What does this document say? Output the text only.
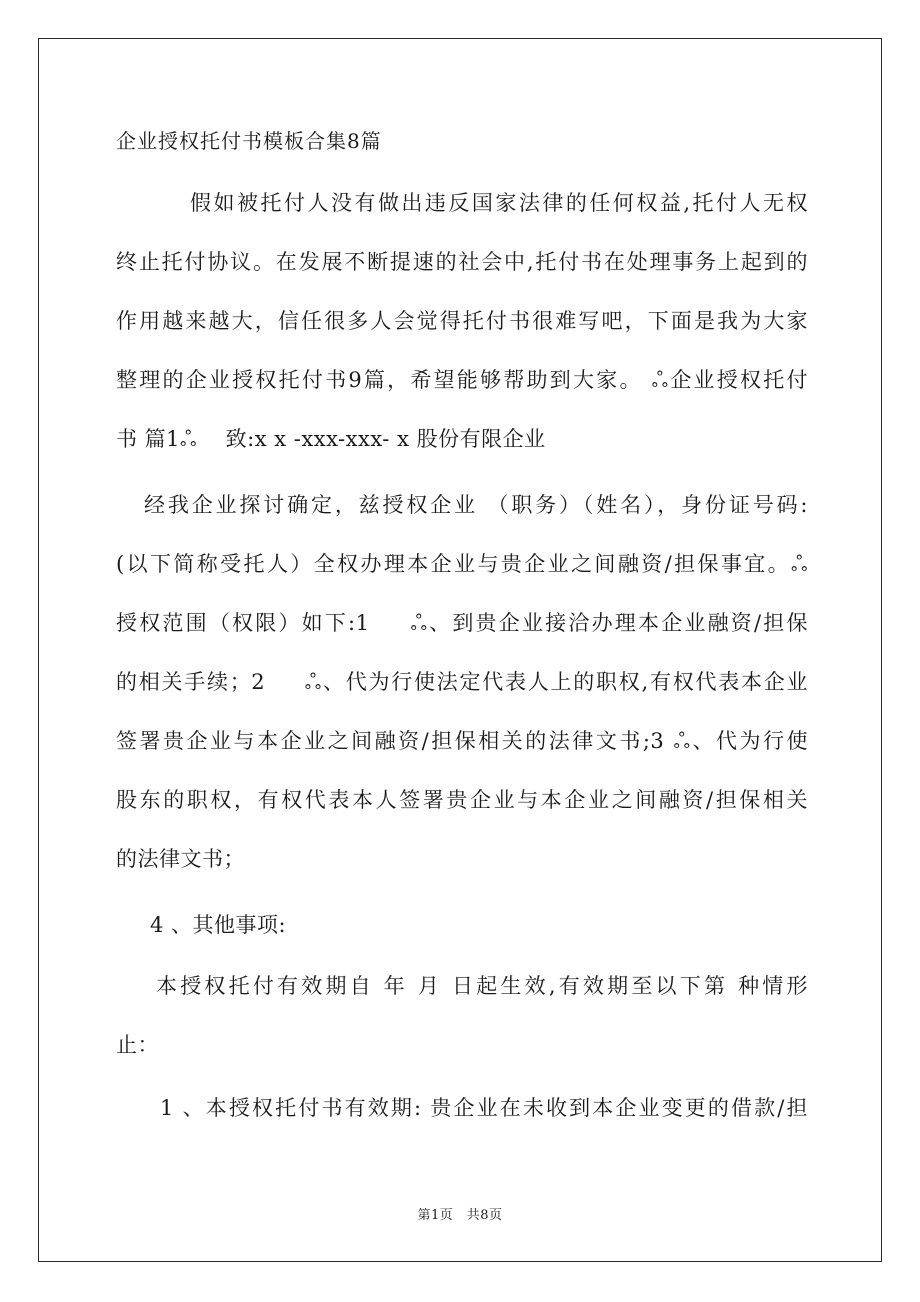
企业授权托付书模板合集8篇
假如被托付人没有做出违反国家法律的任何权益,托付人无权
终止托付协议。在发展不断提速的社会中,托付书在处理事务上起到的
作用越来越大，信任很多人会觉得托付书很难写吧，下面是我为大家
整理的企业授权托付书9篇，希望能够帮助到大家。 ஃ企业授权托付
书 篇1ஃ　 致:x x -xxx-xxx- x 股份有限企业
经我企业探讨确定，兹授权企业 （职务）（姓名），身份证号码:
(以下简称受托人）全权办理本企业与贵企业之间融资/担保事宜。ஃ
授权范围（权限）如下:1 　 ஃ、到贵企业接洽办理本企业融资/担保
的相关手续；2 　 ஃ、代为行使法定代表人上的职权,有权代表本企业
签署贵企业与本企业之间融资/担保相关的法律文书;3 ஃ、代为行使
股东的职权，有权代表本人签署贵企业与本企业之间融资/担保相关
的法律文书；
4 、其他事项:
本授权托付有效期自 年 月 日起生效,有效期至以下第 种情形
止：
1 、本授权托付书有效期: 贵企业在未收到本企业变更的借款/担
第1页　共8页
